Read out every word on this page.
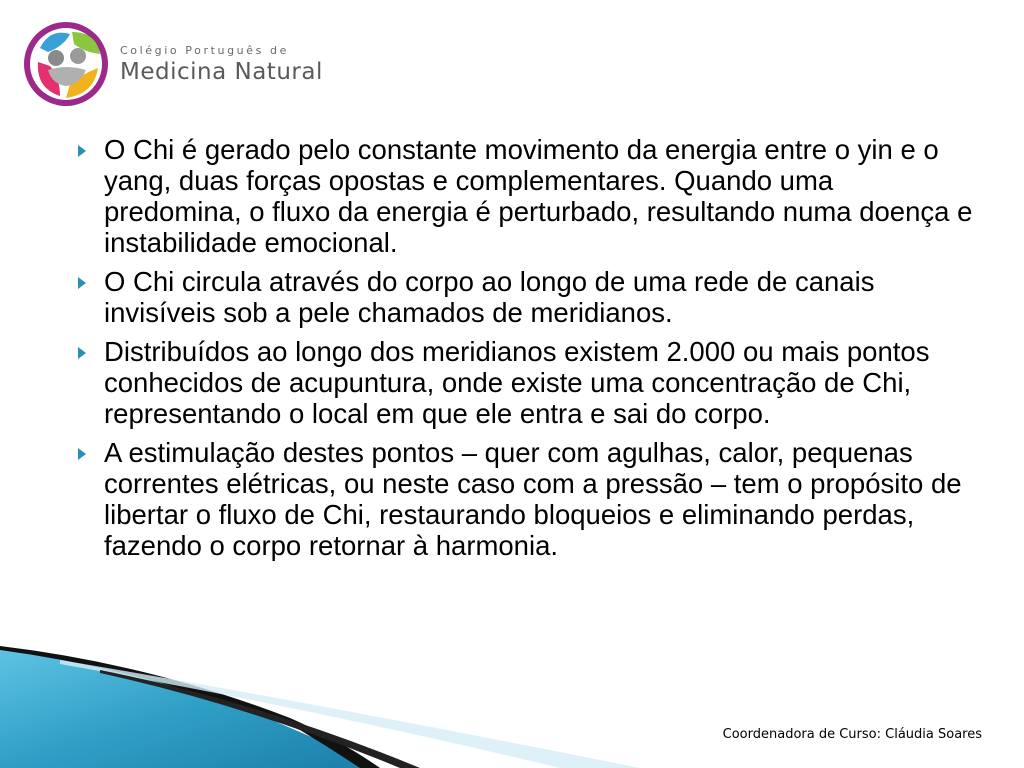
Colégio Português de
Medicina Natural
O Chi é gerado pelo constante movimento da energia entre o yin e o yang, duas forças opostas e complementares. Quando uma predomina, o fluxo da energia é perturbado, resultando numa doença e instabilidade emocional.
O Chi circula através do corpo ao longo de uma rede de canais invisíveis sob a pele chamados de meridianos.
Distribuídos ao longo dos meridianos existem 2.000 ou mais pontos conhecidos de acupuntura, onde existe uma concentração de Chi, representando o local em que ele entra e sai do corpo.
A estimulação destes pontos – quer com agulhas, calor, pequenas correntes elétricas, ou neste caso com a pressão – tem o propósito de libertar o fluxo de Chi, restaurando bloqueios e eliminando perdas, fazendo o corpo retornar à harmonia.
Coordenadora de Curso: Cláudia Soares
